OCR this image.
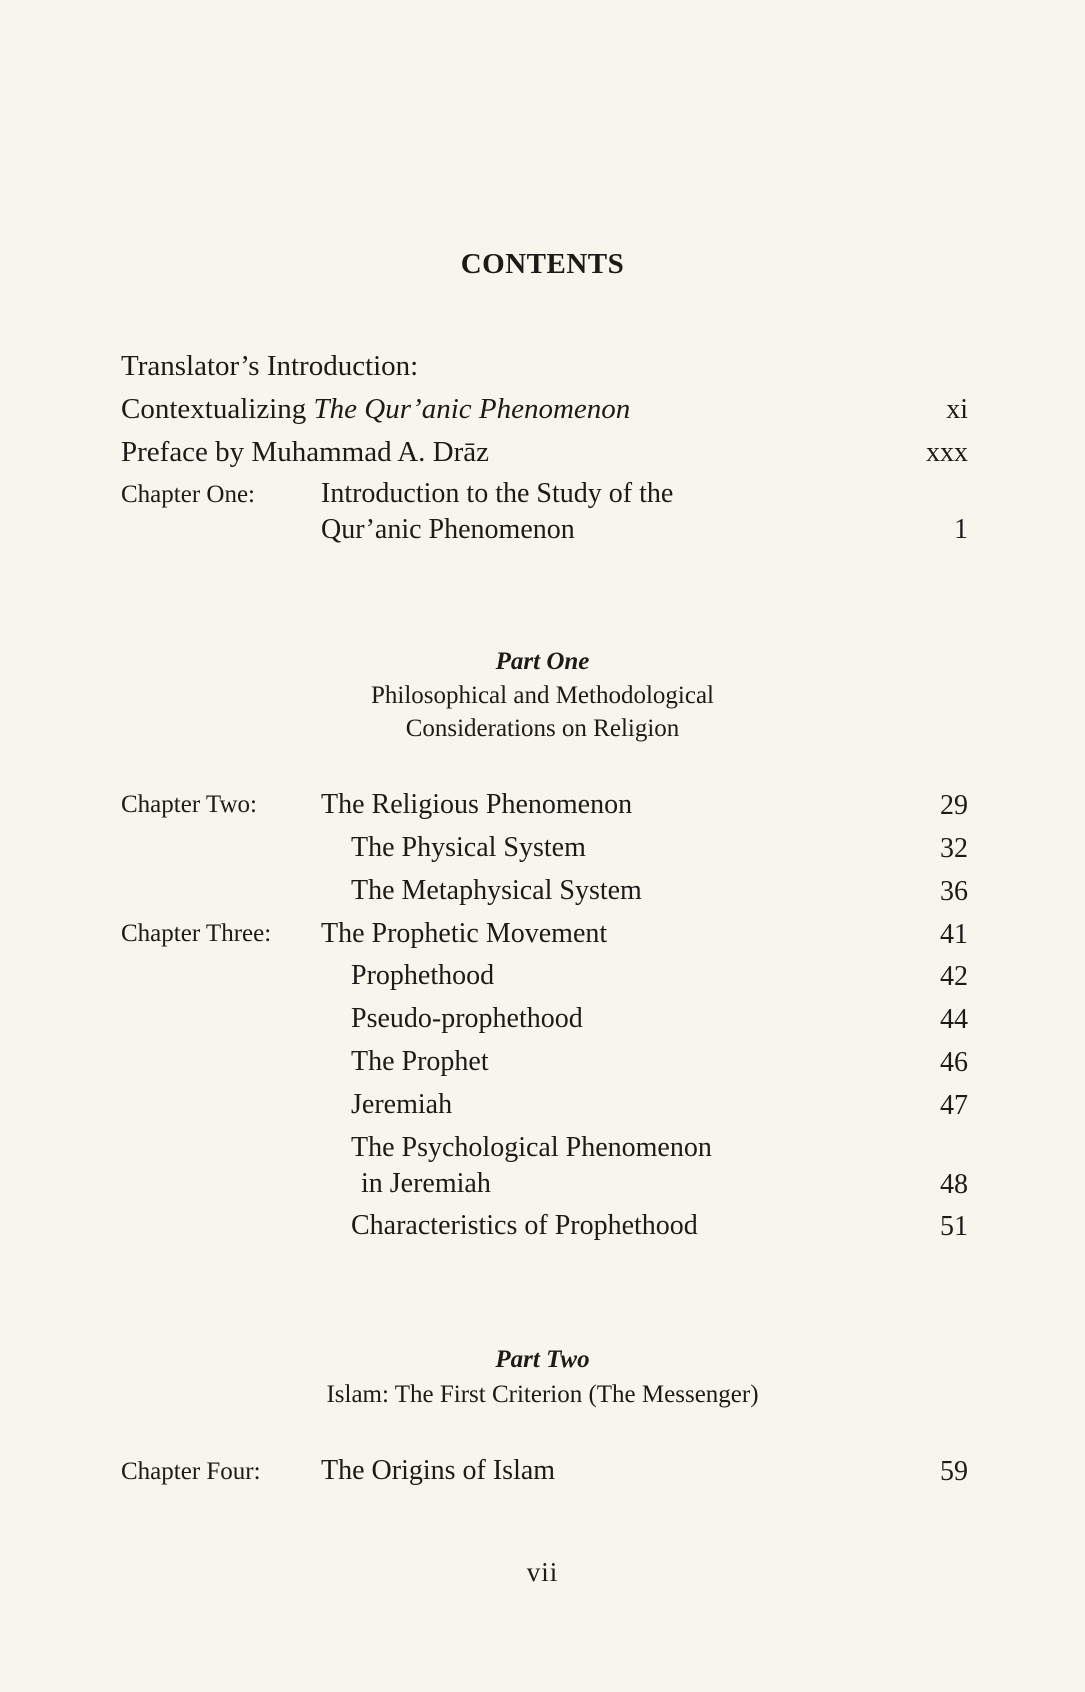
CONTENTS
Translator’s Introduction:
Contextualizing The Qur’anic Phenomenon	xi
Preface by Muhammad A. Drāz	xxx
Chapter One: Introduction to the Study of the
Qur’anic Phenomenon	1
Part One
Philosophical and Methodological
Considerations on Religion
Chapter Two: The Religious Phenomenon	29
The Physical System	32
The Metaphysical System	36
Chapter Three: The Prophetic Movement	41
Prophethood	42
Pseudo-prophethood	44
The Prophet	46
Jeremiah	47
The Psychological Phenomenon
in Jeremiah	48
Characteristics of Prophethood	51
Part Two
Islam: The First Criterion (The Messenger)
Chapter Four: The Origins of Islam	59
vii
